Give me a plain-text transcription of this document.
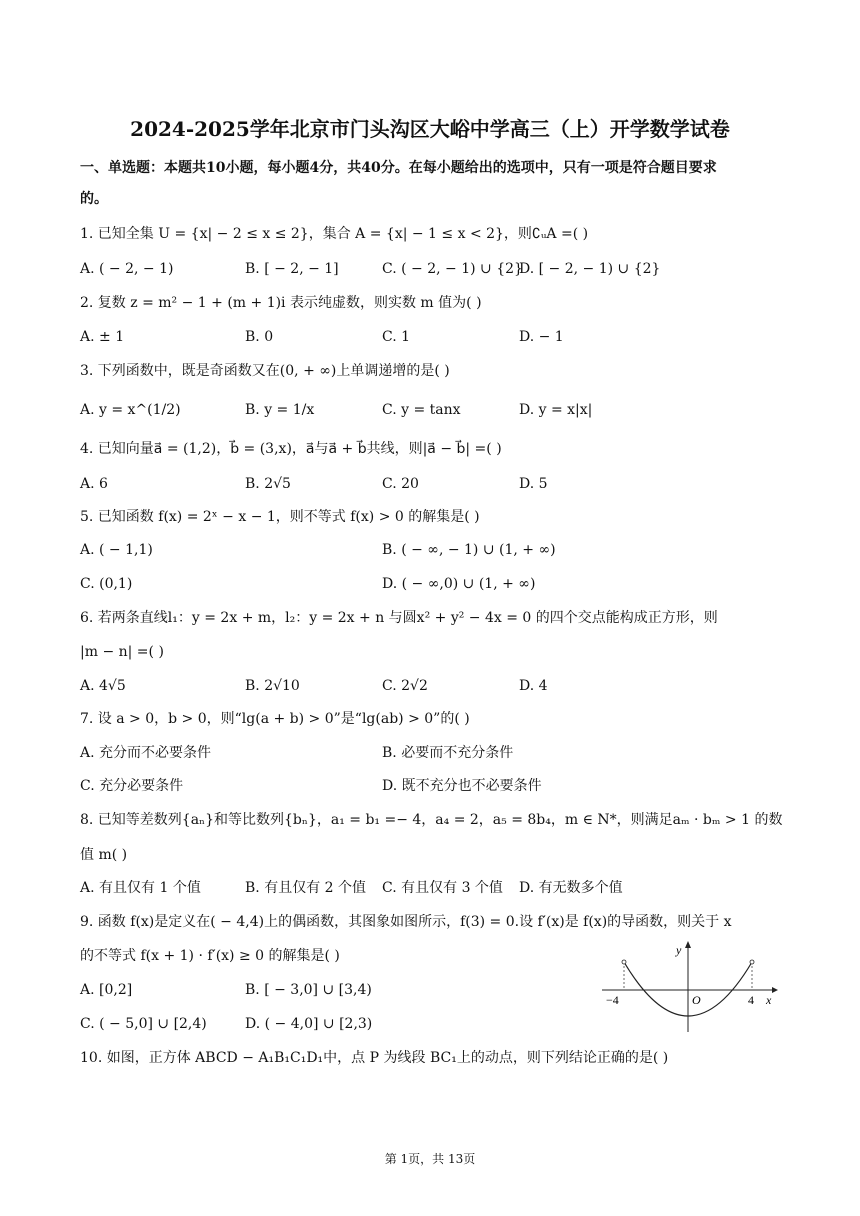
2024-2025学年北京市门头沟区大峪中学高三（上）开学数学试卷
一、单选题：本题共10小题，每小题4分，共40分。在每小题给出的选项中，只有一项是符合题目要求
的。
1. 已知全集 U = {x| − 2 ≤ x ≤ 2}，集合 A = {x| − 1 ≤ x < 2}，则∁ᵤA =( )
A. ( − 2, − 1)	B. [ − 2, − 1]	C. ( − 2, − 1) ∪ {2}
D. [ − 2, − 1) ∪ {2}
2. 复数 z = m² − 1 + (m + 1)i 表示纯虚数，则实数 m 值为( )
A. ± 1	B. 0	C. 1	D. − 1
3. 下列函数中，既是奇函数又在(0, + ∞)上单调递增的是( )
A. y = x^(1/2)	B. y = 1/x	C. y = tanx	D. y = x|x|
4. 已知向量a⃗ = (1,2)，b⃗ = (3,x)，a⃗与a⃗ + b⃗共线，则|a⃗ − b⃗| =( )
A. 6	B. 2√5	C. 20	D. 5
5. 已知函数 f(x) = 2ˣ − x − 1，则不等式 f(x) > 0 的解集是( )
A. ( − 1,1)	B. ( − ∞, − 1) ∪ (1, + ∞)
C. (0,1)	D. ( − ∞,0) ∪ (1, + ∞)
6. 若两条直线l₁：y = 2x + m，l₂：y = 2x + n 与圆x² + y² − 4x = 0 的四个交点能构成正方形，则
|m − n| =( )
A. 4√5	B. 2√10	C. 2√2	D. 4
7. 设 a > 0，b > 0，则“lg(a + b) > 0”是“lg(ab) > 0”的( )
A. 充分而不必要条件	B. 必要而不充分条件
C. 充分必要条件	D. 既不充分也不必要条件
8. 已知等差数列{aₙ}和等比数列{bₙ}，a₁ = b₁ =− 4，a₄ = 2，a₅ = 8b₄，m ∈ N*，则满足aₘ · bₘ > 1 的数
值 m( )
A. 有且仅有 1 个值	B. 有且仅有 2 个值 C. 有且仅有 3 个值 D. 有无数多个值
9. 函数 f(x)是定义在( − 4,4)上的偶函数，其图象如图所示，f(3) = 0.设 f′(x)是 f(x)的导函数，则关于 x
的不等式 f(x + 1) · f′(x) ≥ 0 的解集是( )
A. [0,2]	B. [ − 3,0] ∪ [3,4)
C. ( − 5,0] ∪ [2,4)	D. ( − 4,0] ∪ [2,3)
−4	4
O
y
x
10. 如图，正方体 ABCD − A₁B₁C₁D₁中，点 P 为线段 BC₁上的动点，则下列结论正确的是( )
第 1页，共 13页
